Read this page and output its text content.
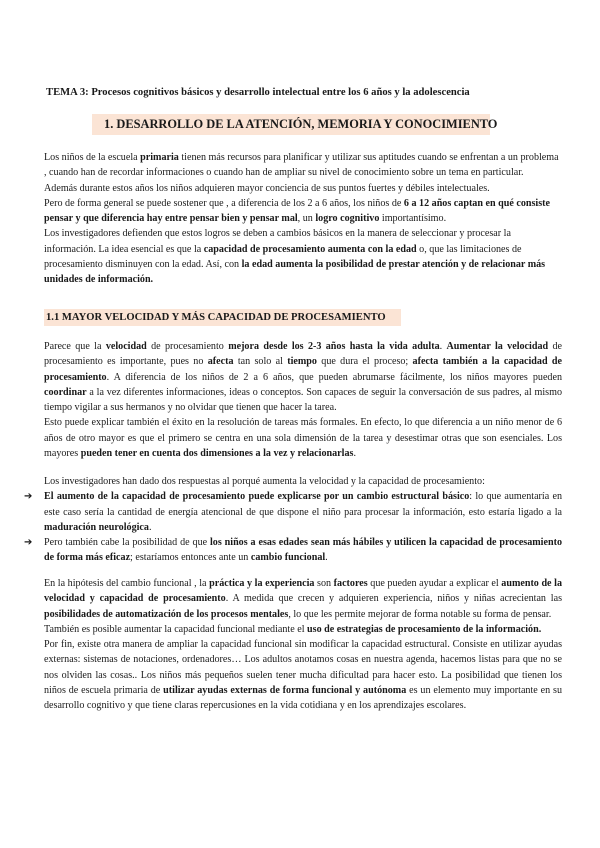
TEMA 3: Procesos cognitivos básicos y desarrollo intelectual entre los 6 años y la adolescencia
1. DESARROLLO DE LA ATENCIÓN, MEMORIA Y CONOCIMIENTO

Los niños de la escuela primaria tienen más recursos para planificar y utilizar sus aptitudes cuando se enfrentan a un problema , cuando han de recordar informaciones o cuando han de ampliar su nivel de conocimiento sobre un tema en particular.

Además durante estos años los niños adquieren mayor conciencia de sus puntos fuertes y débiles intelectuales.

Pero de forma general se puede sostener que , a diferencia de los 2 a 6 años, los niños de 6 a 12 años captan en qué consiste pensar y que diferencia hay entre pensar bien y pensar mal, un logro cognitivo importantísimo.

Los investigadores defienden que estos logros se deben a cambios básicos en la manera de seleccionar y procesar la información. La idea esencial es que la capacidad de procesamiento aumenta con la edad o, que las limitaciones de procesamiento disminuyen con la edad. Así, con la edad aumenta la posibilidad de prestar atención y de relacionar más unidades de información.

1.1 MAYOR VELOCIDAD Y MÁS CAPACIDAD DE PROCESAMIENTO

Parece que la velocidad de procesamiento mejora desde los 2-3 años hasta la vida adulta. Aumentar la velocidad de procesamiento es importante, pues no afecta tan solo al tiempo que dura el proceso; afecta también a la capacidad de procesamiento. A diferencia de los niños de 2 a 6 años, que pueden abrumarse fácilmente, los niños mayores pueden coordinar a la vez diferentes informaciones, ideas o conceptos. Son capaces de seguir la conversación de sus padres, al mismo tiempo vigilar a sus hermanos y no olvidar que tienen que hacer la tarea.

Esto puede explicar también el éxito en la resolución de tareas más formales. En efecto, lo que diferencia a un niño menor de 6 años de otro mayor es que el primero se centra en una sola dimensión de la tarea y desestimar otras que son esenciales. Los mayores pueden tener en cuenta dos dimensiones a la vez y relacionarlas.

Los investigadores han dado dos respuestas al porqué aumenta la velocidad y la capacidad de procesamiento:

➔ El aumento de la capacidad de procesamiento puede explicarse por un cambio estructural básico: lo que aumentaría en este caso sería la cantidad de energía atencional de que dispone el niño para procesar la información, esto estaría ligado a la maduración neurológica.

➔ Pero también cabe la posibilidad de que los niños a esas edades sean más hábiles y utilicen la capacidad de procesamiento de forma más eficaz; estaríamos entonces ante un cambio funcional.

En la hipótesis del cambio funcional , la práctica y la experiencia son factores que pueden ayudar a explicar el aumento de la velocidad y capacidad de procesamiento. A medida que crecen y adquieren experiencia, niños y niñas acrecientan las posibilidades de automatización de los procesos mentales, lo que les permite mejorar de forma notable su forma de pensar.

También es posible aumentar la capacidad funcional mediante el uso de estrategias de procesamiento de la información.

Por fin, existe otra manera de ampliar la capacidad funcional sin modificar la capacidad estructural. Consiste en utilizar ayudas externas: sistemas de notaciones, ordenadores… Los adultos anotamos cosas en nuestra agenda, hacemos listas para que no se nos olviden las cosas.. Los niños más pequeños suelen tener mucha dificultad para hacer esto. La posibilidad que tienen los niños de escuela primaria de utilizar ayudas externas de forma funcional y autónoma es un elemento muy importante en su desarrollo cognitivo y que tiene claras repercusiones en la vida cotidiana y en los aprendizajes escolares.
